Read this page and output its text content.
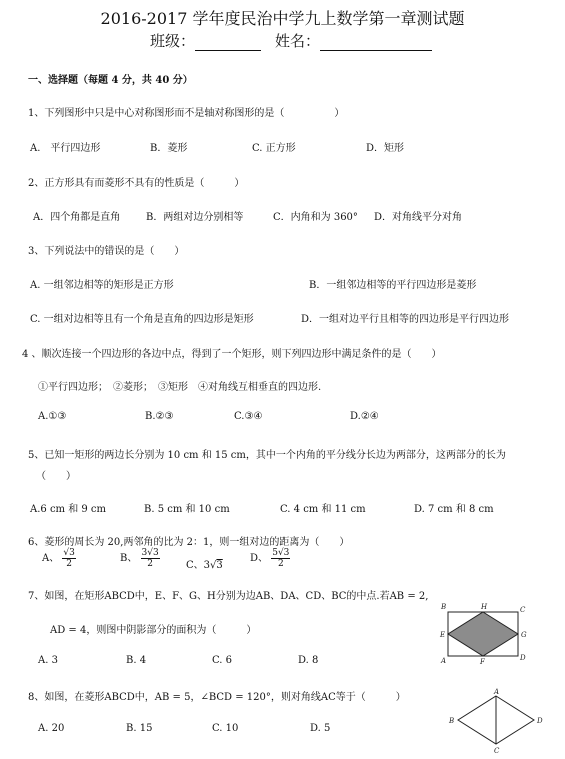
2016-2017 学年度民治中学九上数学第一章测试题
班级：	姓名：
一、选择题（每题 4 分，共 40 分）
1、下列图形中只是中心对称图形而不是轴对称图形的是（　　　　　）
A.　平行四边形	B．菱形	C. 正方形	D．矩形
2、正方形具有而菱形不具有的性质是（　　　）
A．四个角都是直角	B．两组对边分别相等	C．内角和为 360° D．对角线平分对角
3、下列说法中的错误的是（　　）
A. 一组邻边相等的矩形是正方形	B．一组邻边相等的平行四边形是菱形
C. 一组对边相等且有一个角是直角的四边形是矩形	D．一组对边平行且相等的四边形是平行四边形
4 、顺次连接一个四边形的各边中点，得到了一个矩形，则下列四边形中满足条件的是（　　）
①平行四边形；　②菱形；　③矩形　④对角线互相垂直的四边形.
A.①③	B.②③	C.③④	D.②④
5、已知一矩形的两边长分别为 10 cm 和 15 cm，其中一个内角的平分线分长边为两部分，这两部分的长为
（　　）
A.6 cm 和 9 cm	B. 5 cm 和 10 cm	C. 4 cm 和 11 cm	D. 7 cm 和 8 cm
6、菱形的周长为 20,两邻角的比为 2：1，则一组对边的距离为（　　）
A、 $\frac{√3}{2}$	B、 $\frac{3√3}{2}$	C、3√3
D、 $\frac{5√3}{2}$
7、如图，在矩形ABCD中，E、F、G、H分别为边AB、DA、CD、BC的中点.若AB = 2,
AD = 4，则图中阴影部分的面积为（　　　）
A. 3	B. 4	C. 6	D. 8
B	H	C
E	G
A	F	D
8、如图，在菱形ABCD中，AB = 5，∠BCD = 120°，则对角线AC等于（　　　）
A. 20	B. 15	C. 10	D. 5
A
B	D
C
